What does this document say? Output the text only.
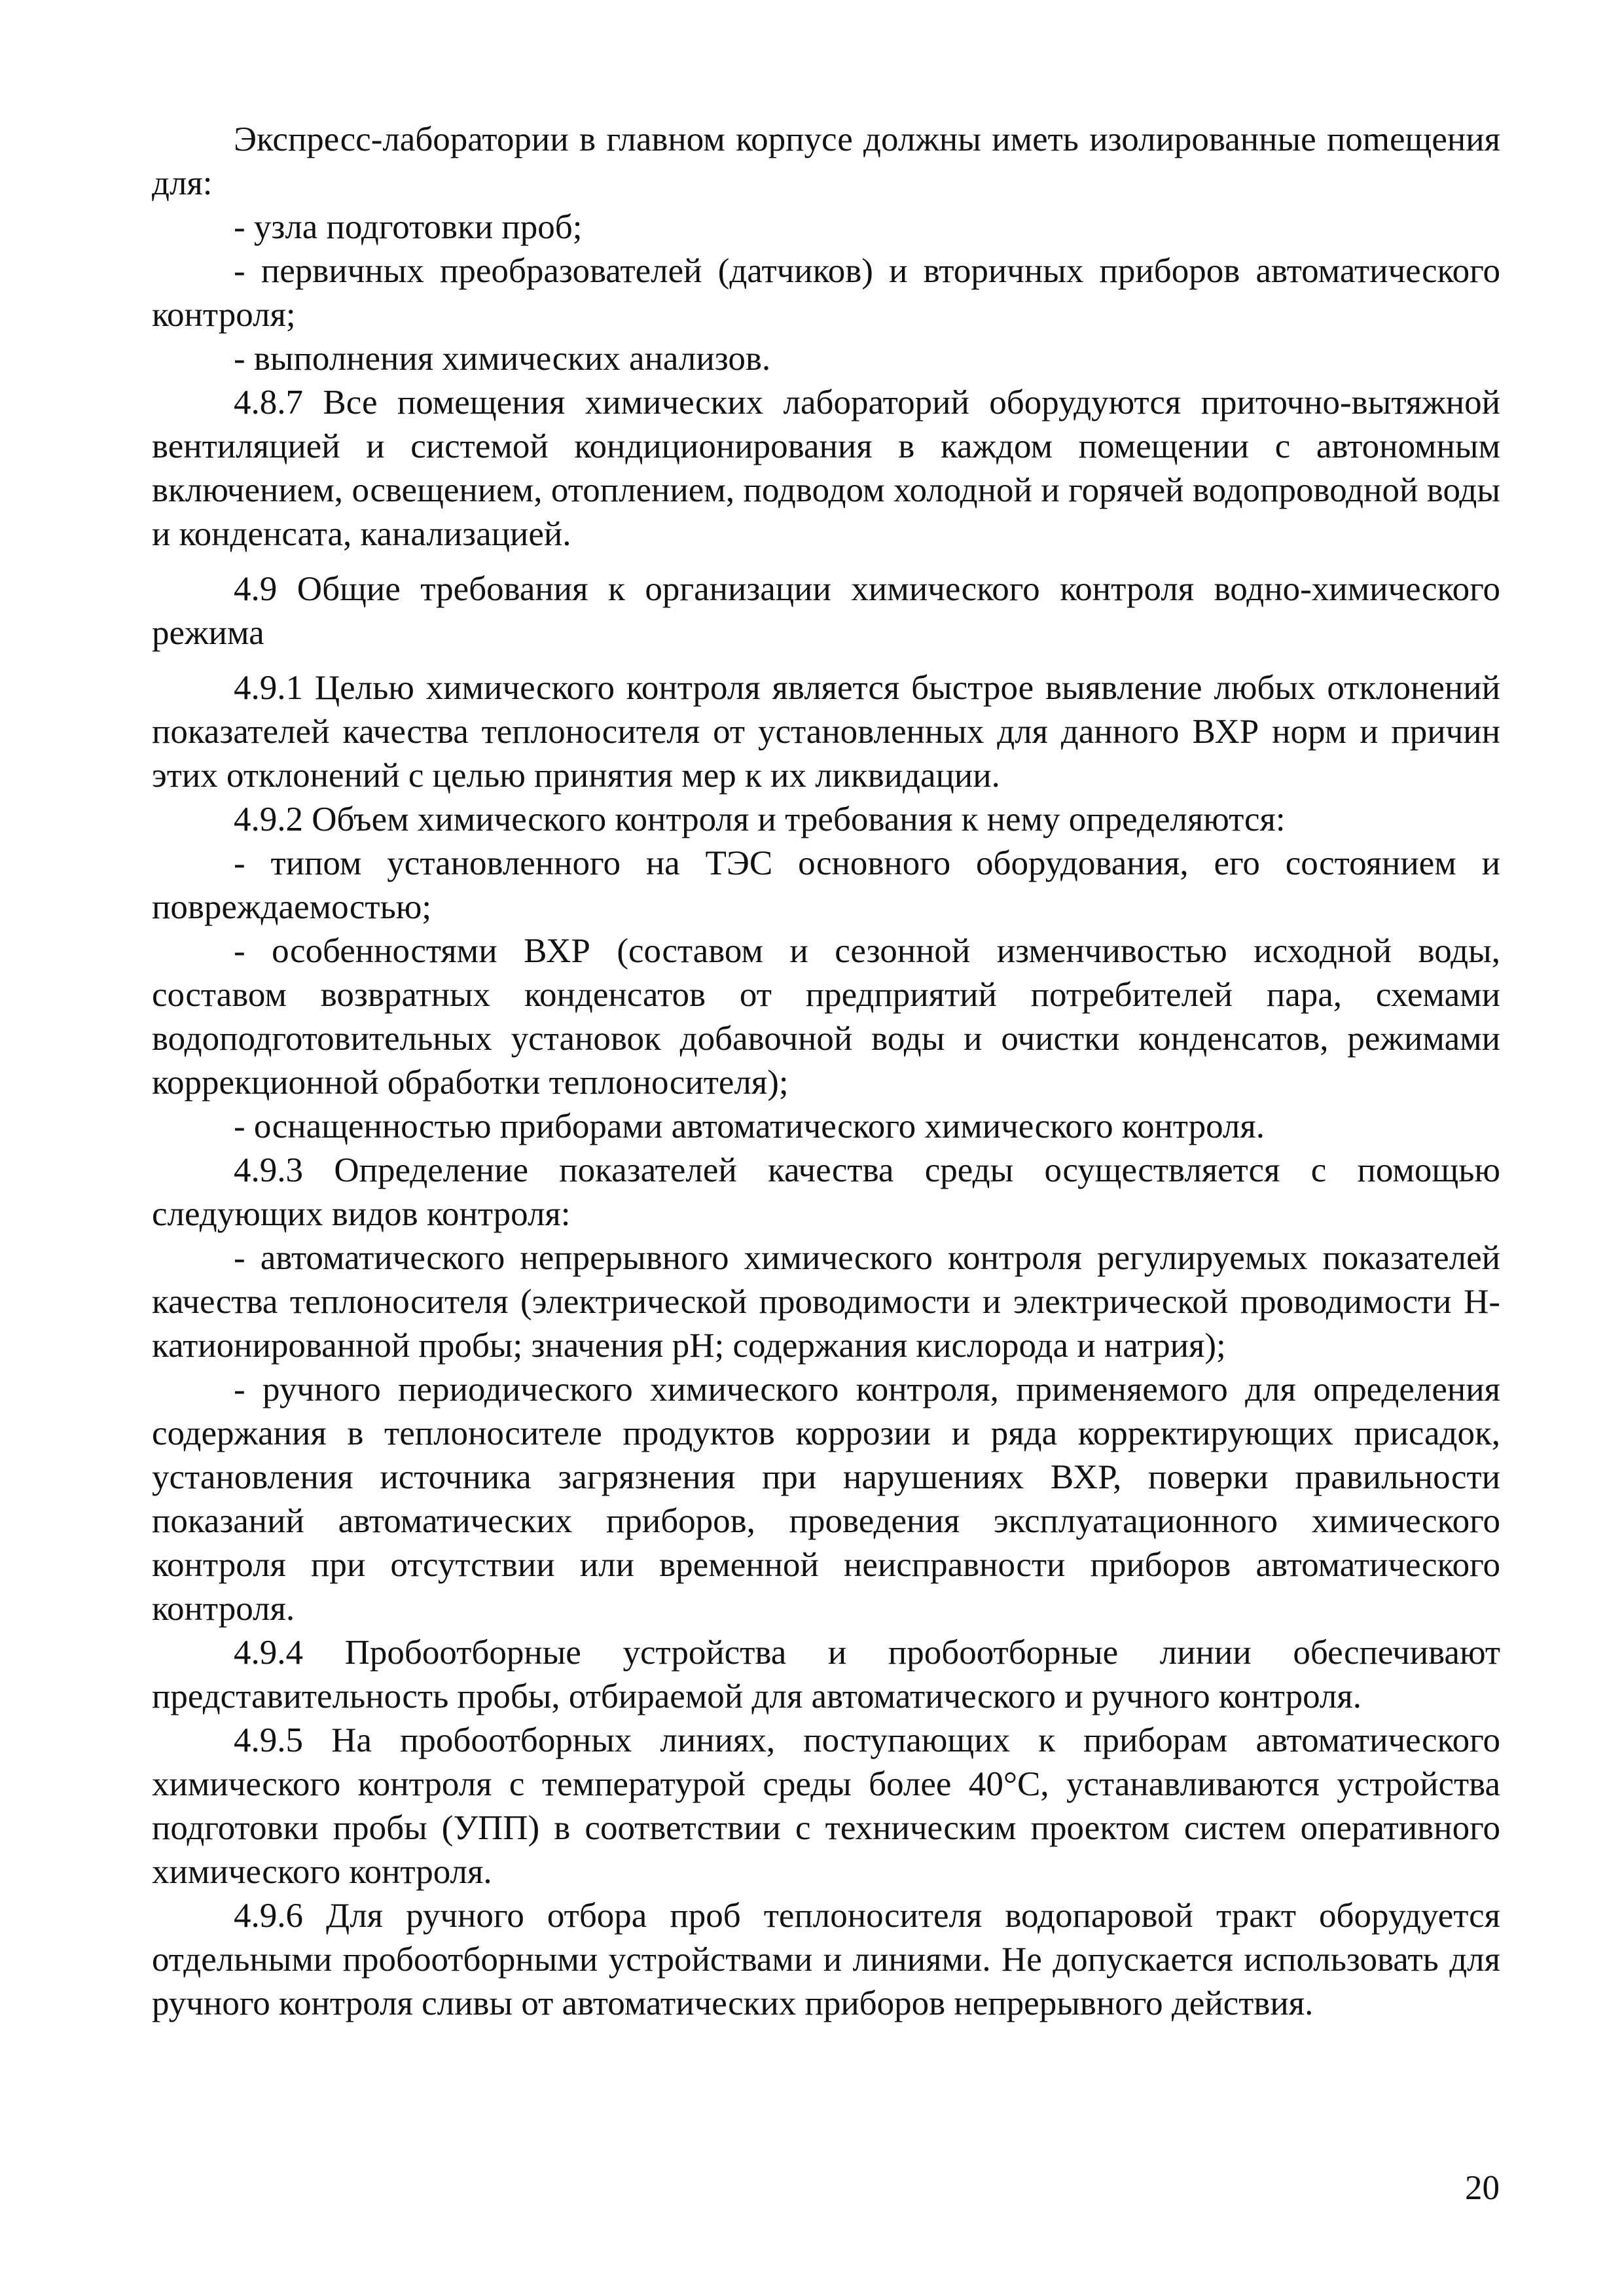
Экспресс-лаборатории в главном корпусе должны иметь изолированные поmещения для:

- узла подготовки проб;

- первичных преобразователей (датчиков) и вторичных приборов автоматического контроля;

- выполнения химических анализов.

4.8.7 Все помещения химических лабораторий оборудуются приточно-вытяжной вентиляцией и системой кондиционирования в каждом помещении с автономным включением, освещением, отоплением, подводом холодной и горячей водопроводной воды и конденсата, канализацией.

4.9 Общие требования к организации химического контроля водно-химического режима

4.9.1 Целью химического контроля является быстрое выявление любых отклонений показателей качества теплоносителя от установленных для данного ВХР норм и причин этих отклонений с целью принятия мер к их ликвидации.

4.9.2 Объем химического контроля и требования к нему определяются:

- типом установленного на ТЭС основного оборудования, его состоянием и повреждаемостью;

- особенностями ВХР (составом и сезонной изменчивостью исходной воды, составом возвратных конденсатов от предприятий потребителей пара, схемами водоподготовительных установок добавочной воды и очистки конденсатов, режимами коррекционной обработки теплоносителя);

- оснащенностью приборами автоматического химического контроля.

4.9.3 Определение показателей качества среды осуществляется с помощью следующих видов контроля:

- автоматического непрерывного химического контроля регулируемых показателей качества теплоносителя (электрической проводимости и электрической проводимости Н-катионированной пробы; значения рН; содержания кислорода и натрия);

- ручного периодического химического контроля, применяемого для определения содержания в теплоносителе продуктов коррозии и ряда корректирующих присадок, установления источника загрязнения при нарушениях ВХР, поверки правильности показаний автоматических приборов, проведения эксплуатационного химического контроля при отсутствии или временной неисправности приборов автоматического контроля.

4.9.4 Пробоотборные устройства и пробоотборные линии обеспечивают представительность пробы, отбираемой для автоматического и ручного контроля.

4.9.5 На пробоотборных линиях, поступающих к приборам автоматического химического контроля с температурой среды более 40°С, устанавливаются устройства подготовки пробы (УПП) в соответствии с техническим проектом систем оперативного химического контроля.

4.9.6 Для ручного отбора проб теплоносителя водопаровой тракт оборудуется отдельными пробоотборными устройствами и линиями. Не допускается использовать для ручного контроля сливы от автоматических приборов непрерывного действия.

20
